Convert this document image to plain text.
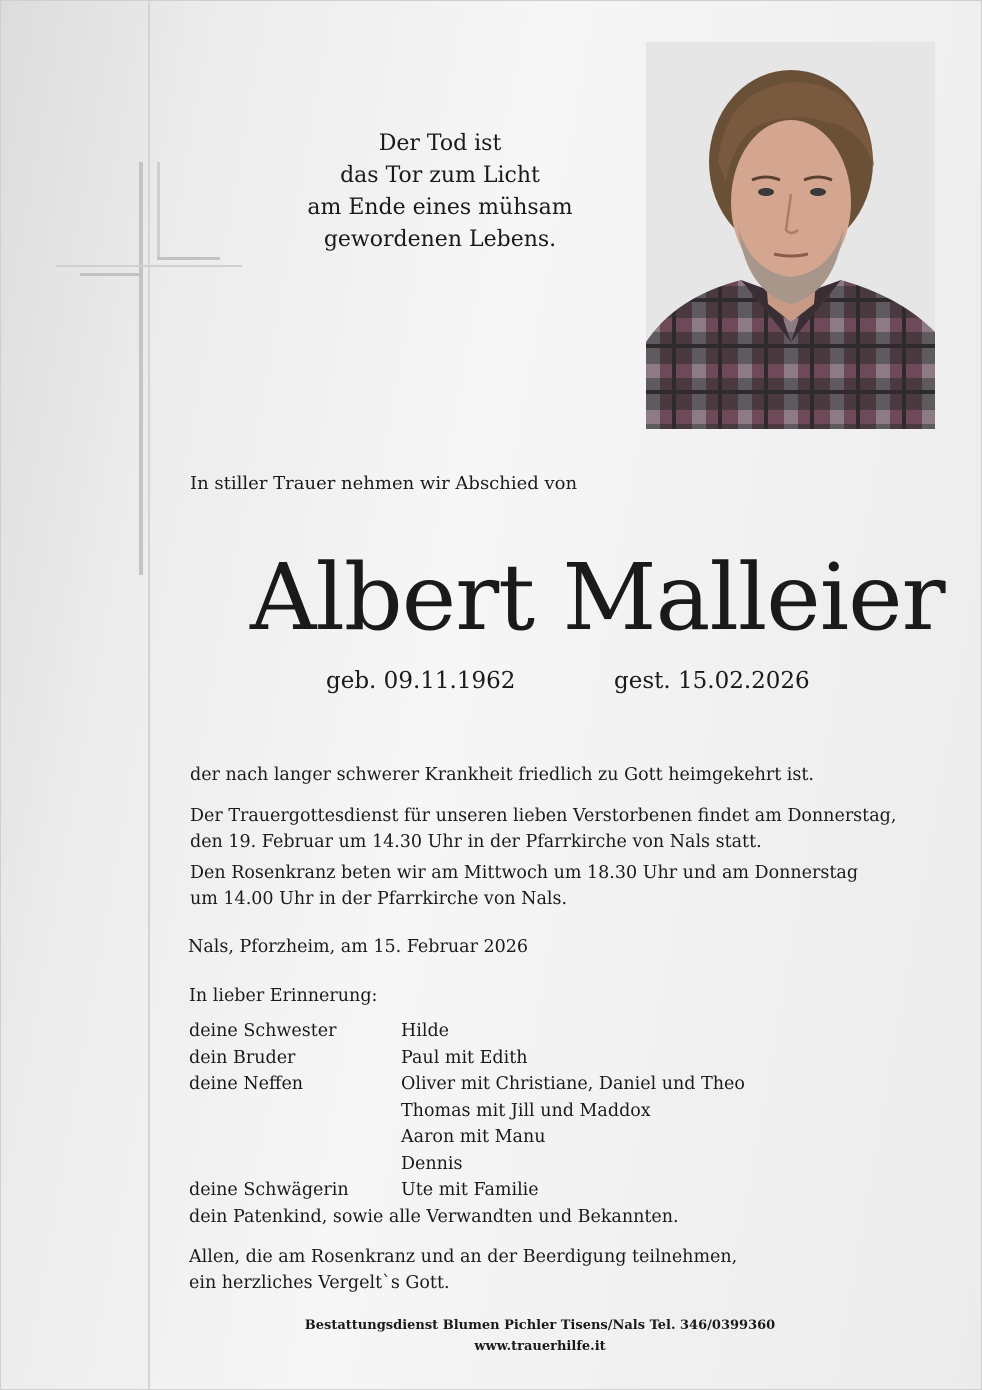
Der Tod ist
das Tor zum Licht
am Ende eines mühsam
gewordenen Lebens.
In stiller Trauer nehmen wir Abschied von
Albert Malleier
geb. 09.11.1962	gest. 15.02.2026
der nach langer schwerer Krankheit friedlich zu Gott heimgekehrt ist.
Der Trauergottesdienst für unseren lieben Verstorbenen findet am Donnerstag,
den 19. Februar um 14.30 Uhr in der Pfarrkirche von Nals statt.
Den Rosenkranz beten wir am Mittwoch um 18.30 Uhr und am Donnerstag
um 14.00 Uhr in der Pfarrkirche von Nals.
Nals, Pforzheim, am 15. Februar 2026
In lieber Erinnerung:
deine Schwester	Hilde
dein Bruder	Paul mit Edith
deine Neffen	Oliver mit Christiane, Daniel und Theo
Thomas mit Jill und Maddox
Aaron mit Manu
Dennis
deine Schwägerin	Ute mit Familie
dein Patenkind, sowie alle Verwandten und Bekannten.
Allen, die am Rosenkranz und an der Beerdigung teilnehmen,
ein herzliches Vergelt`s Gott.
Bestattungsdienst Blumen Pichler Tisens/Nals Tel. 346/0399360
www.trauerhilfe.it
